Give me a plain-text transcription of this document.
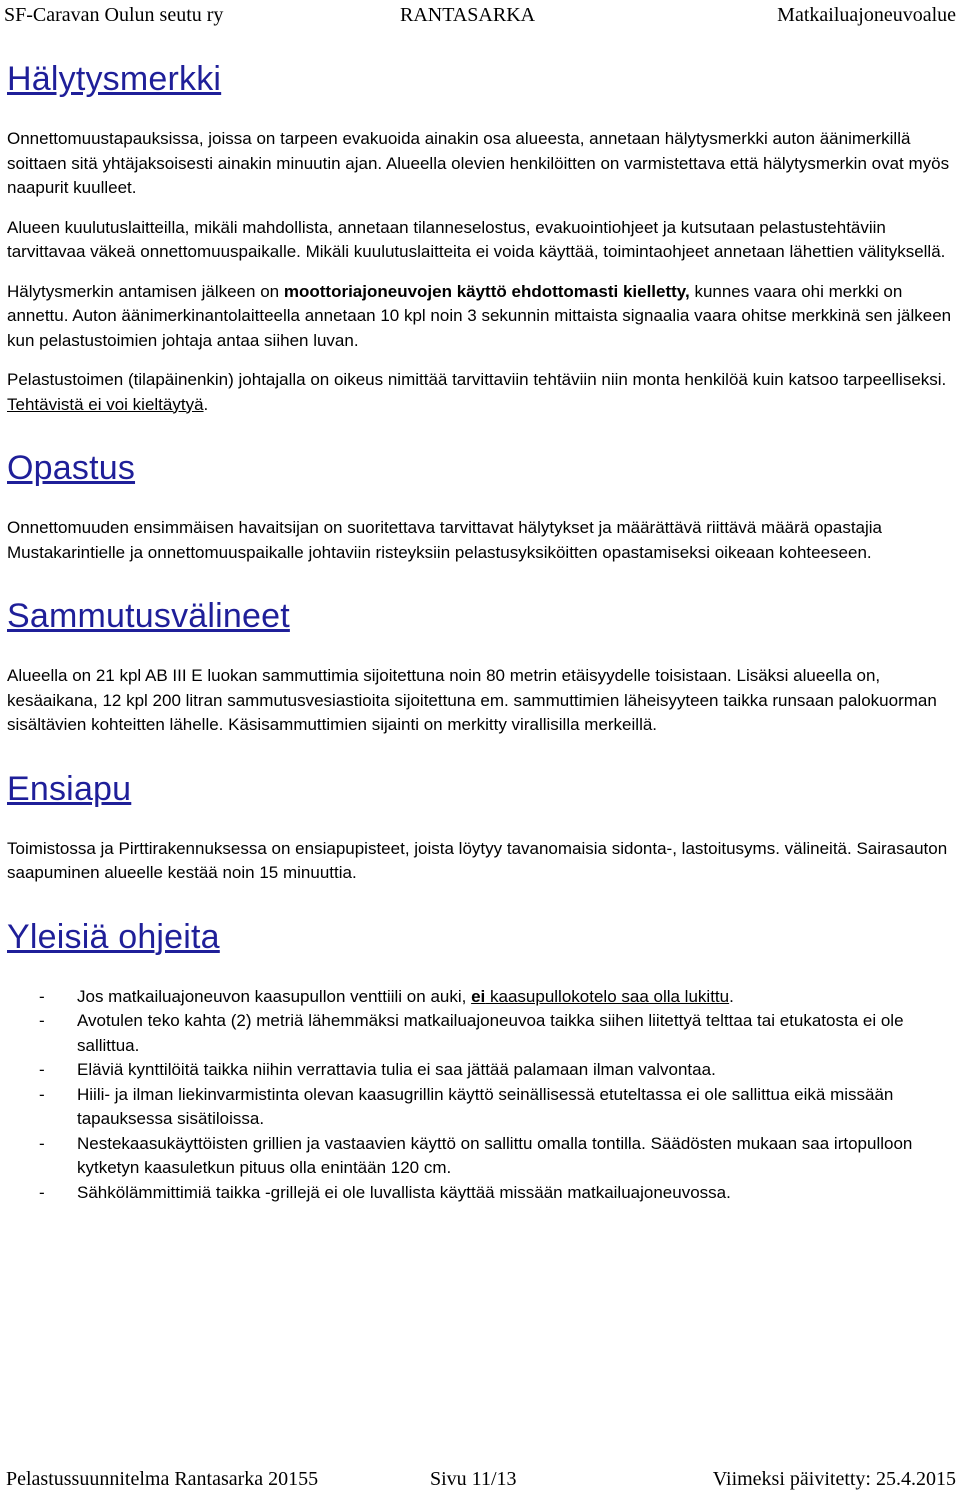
SF-Caravan Oulun seutu ry	RANTASARKA	Matkailuajoneuvoalue
Hälytysmerkki

Onnettomuustapauksissa, joissa on tarpeen evakuoida ainakin osa alueesta, annetaan hälytysmerkki auton äänimerkillä soittaen sitä yhtäjaksoisesti ainakin minuutin ajan. Alueella olevien henkilöitten on varmistettava että hälytysmerkin ovat myös naapurit kuulleet.

Alueen kuulutuslaitteilla, mikäli mahdollista, annetaan tilanneselostus, evakuointiohjeet ja kutsutaan pelastustehtäviin tarvittavaa väkeä onnettomuuspaikalle. Mikäli kuulutuslaitteita ei voida käyttää, toimintaohjeet annetaan lähettien välityksellä.

Hälytysmerkin antamisen jälkeen on moottoriajoneuvojen käyttö ehdottomasti kielletty, kunnes vaara ohi merkki on annettu. Auton äänimerkinantolaitteella annetaan 10 kpl noin 3 sekunnin mittaista signaalia vaara ohitse merkkinä sen jälkeen kun pelastustoimien johtaja antaa siihen luvan.

Pelastustoimen (tilapäinenkin) johtajalla on oikeus nimittää tarvittaviin tehtäviin niin monta henkilöä kuin katsoo tarpeelliseksi. Tehtävistä ei voi kieltäytyä.

Opastus

Onnettomuuden ensimmäisen havaitsijan on suoritettava tarvittavat hälytykset ja määrättävä riittävä määrä opastajia Mustakarintielle ja onnettomuuspaikalle johtaviin risteyksiin pelastusyksiköitten opastamiseksi oikeaan kohteeseen.

Sammutusvälineet

Alueella on 21 kpl AB III E luokan sammuttimia sijoitettuna noin 80 metrin etäisyydelle toisistaan. Lisäksi alueella on, kesäaikana, 12 kpl 200 litran sammutusvesiastioita sijoitettuna em. sammuttimien läheisyyteen taikka runsaan palokuorman sisältävien kohteitten lähelle. Käsisammuttimien sijainti on merkitty virallisilla merkeillä.

Ensiapu

Toimistossa ja Pirttirakennuksessa on ensiapupisteet, joista löytyy tavanomaisia sidonta-, lastoitusyms. välineitä. Sairasauton saapuminen alueelle kestää noin 15 minuuttia.

Yleisiä ohjeita
- Jos matkailuajoneuvon kaasupullon venttiili on auki, ei kaasupullokotelo saa olla lukittu.
- Avotulen teko kahta (2) metriä lähemmäksi matkailuajoneuvoa taikka siihen liitettyä telttaa tai etukatosta ei ole sallittua.
- Eläviä kynttilöitä taikka niihin verrattavia tulia ei saa jättää palamaan ilman valvontaa.
- Hiili- ja ilman liekinvarmistinta olevan kaasugrillin käyttö seinällisessä etuteltassa ei ole sallittua eikä missään tapauksessa sisätiloissa.
- Nestekaasukäyttöisten grillien ja vastaavien käyttö on sallittu omalla tontilla. Säädösten mukaan saa irtopulloon kytketyn kaasuletkun pituus olla enintään 120 cm.
- Sähkölämmittimiä taikka -grillejä ei ole luvallista käyttää missään matkailuajoneuvossa.
Pelastussuunnitelma Rantasarka 20155	Sivu 11/13	Viimeksi päivitetty: 25.4.2015
